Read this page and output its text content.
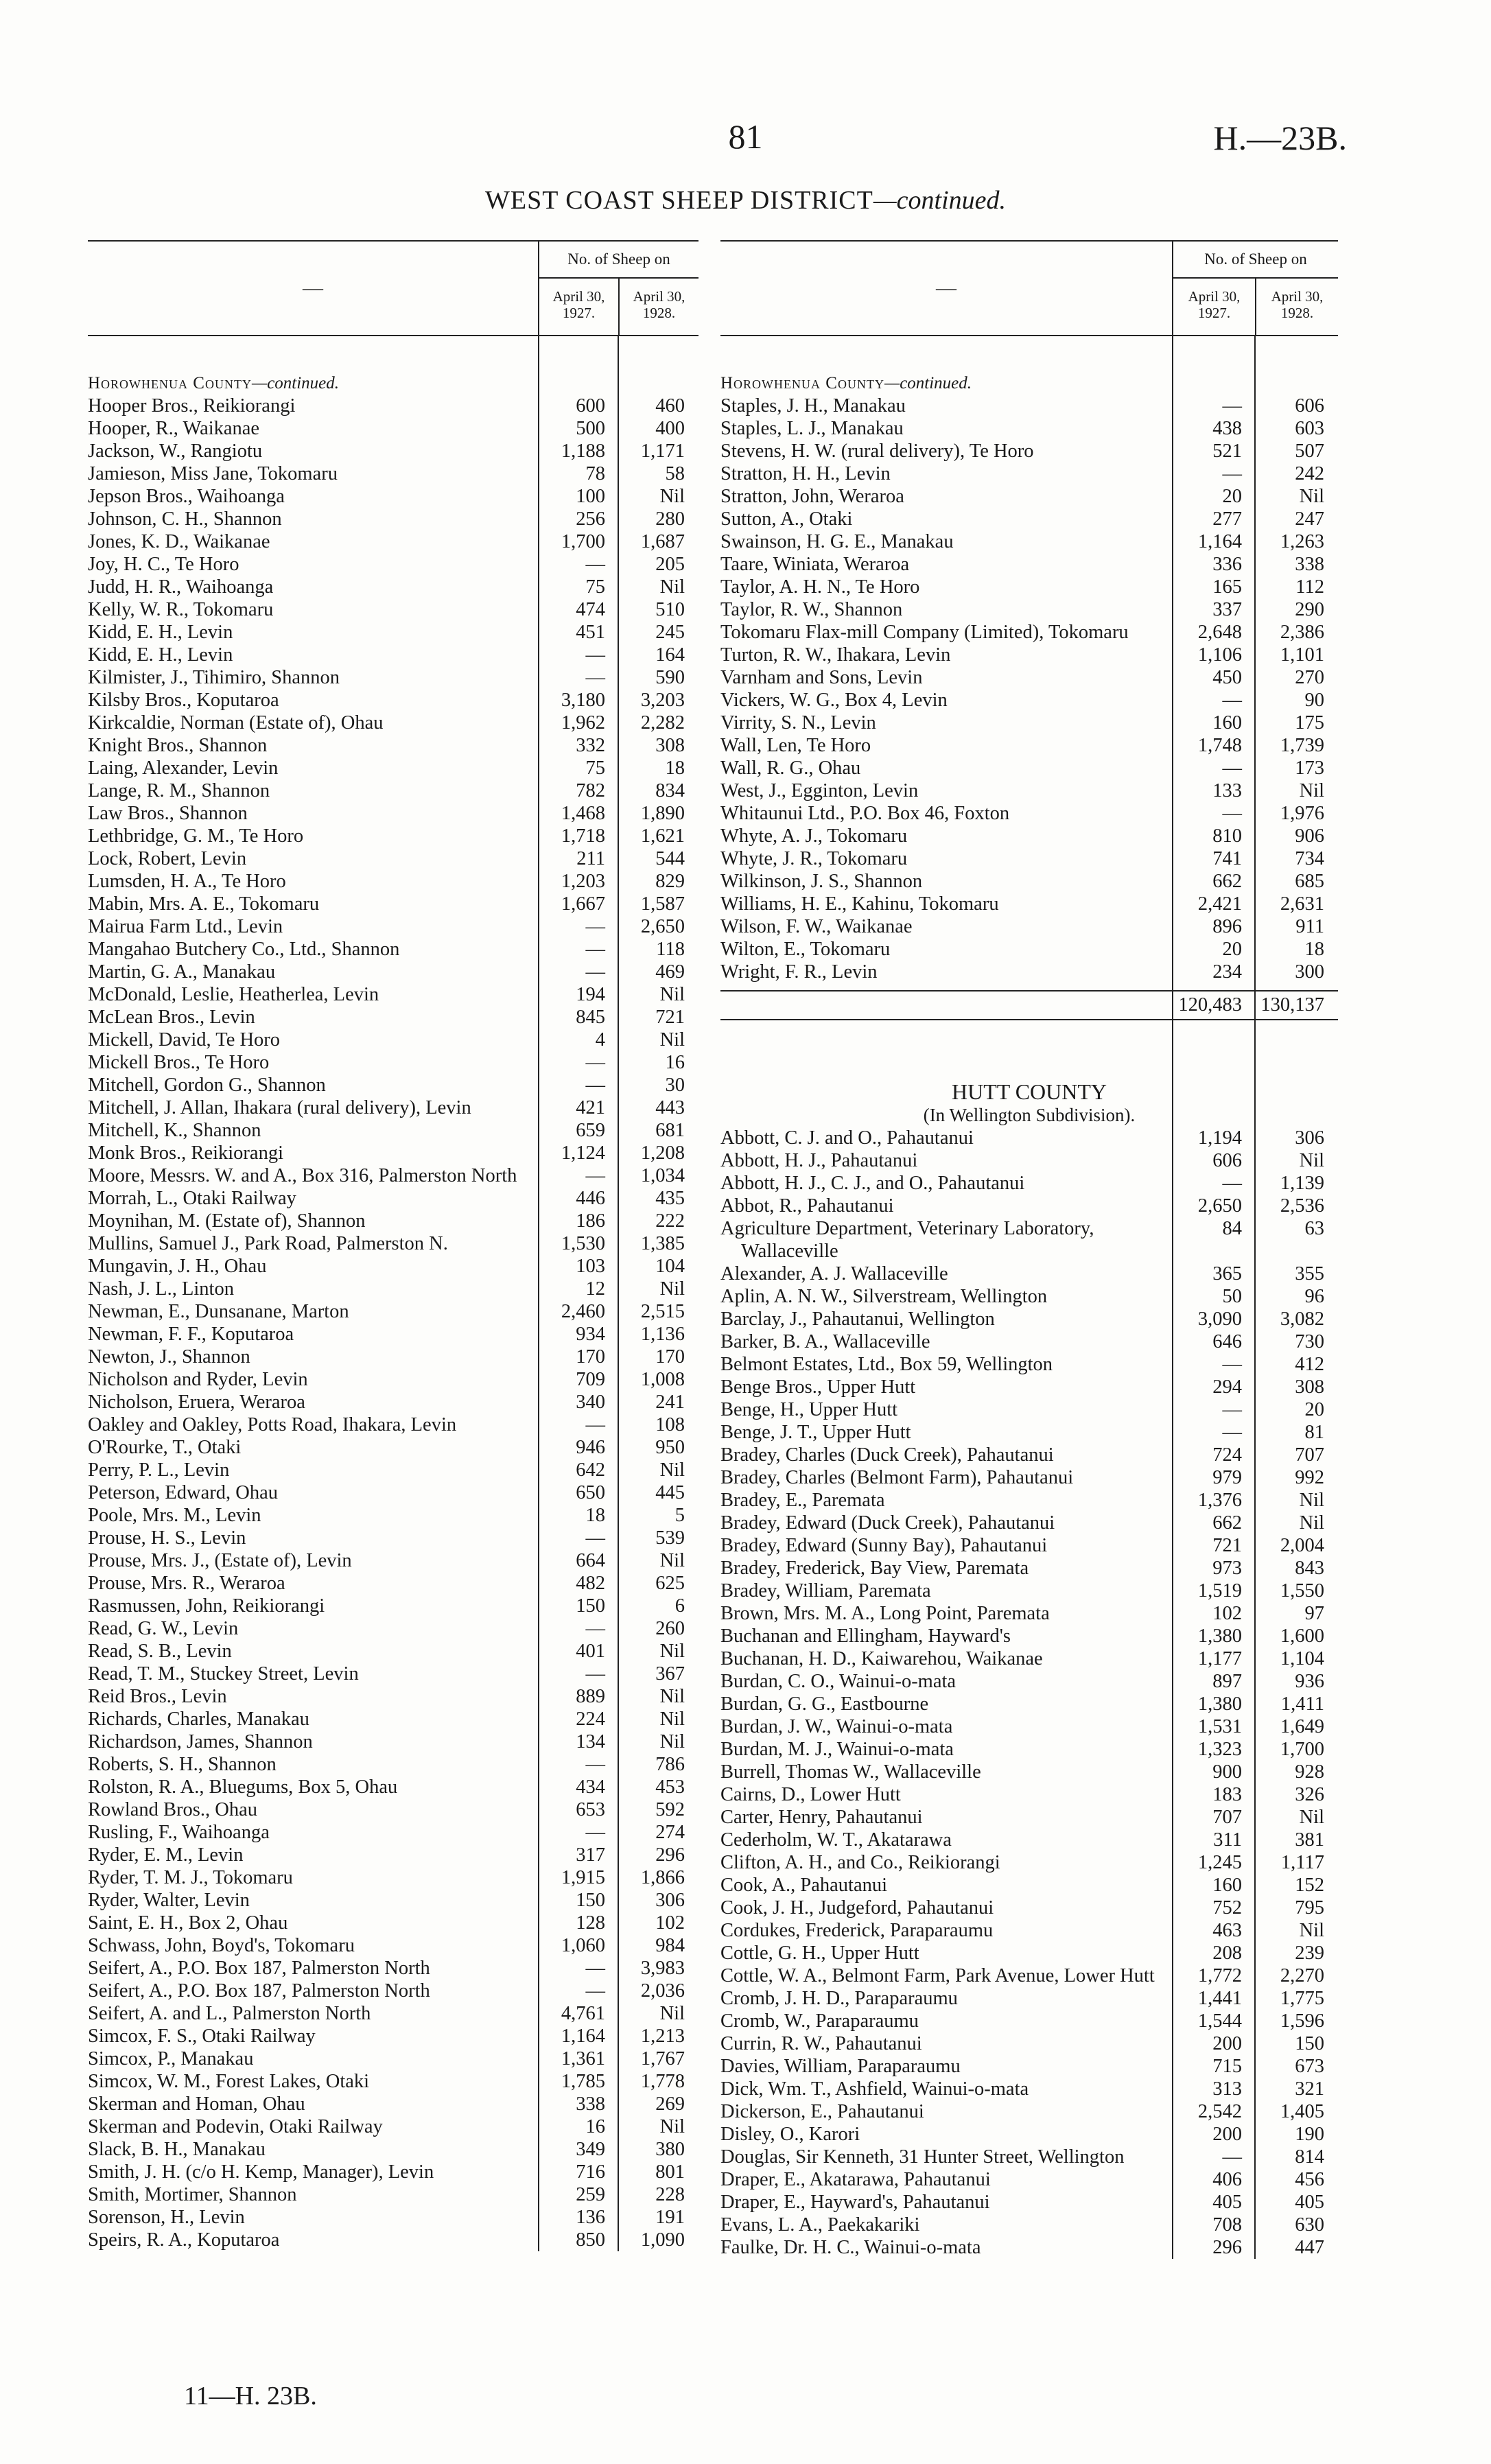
81	H.—23B.
WEST COAST SHEEP DISTRICT—continued.
—
No. of Sheep on
April 30,
1927.
April 30,
1928.
Horowhenua County—continued.
Hooper Bros., Reikiorangi	600	460
Hooper, R., Waikanae	500	400
Jackson, W., Rangiotu	1,188	1,171
Jamieson, Miss Jane, Tokomaru	78	58
Jepson Bros., Waihoanga	100	Nil
Johnson, C. H., Shannon	256	280
Jones, K. D., Waikanae	1,700	1,687
Joy, H. C., Te Horo	—	205
Judd, H. R., Waihoanga	75	Nil
Kelly, W. R., Tokomaru	474	510
Kidd, E. H., Levin	451	245
Kidd, E. H., Levin	—	164
Kilmister, J., Tihimiro, Shannon	—	590
Kilsby Bros., Koputaroa	3,180	3,203
Kirkcaldie, Norman (Estate of), Ohau	1,962	2,282
Knight Bros., Shannon	332	308
Laing, Alexander, Levin	75	18
Lange, R. M., Shannon	782	834
Law Bros., Shannon	1,468	1,890
Lethbridge, G. M., Te Horo	1,718	1,621
Lock, Robert, Levin	211	544
Lumsden, H. A., Te Horo	1,203	829
Mabin, Mrs. A. E., Tokomaru	1,667	1,587
Mairua Farm Ltd., Levin	—	2,650
Mangahao Butchery Co., Ltd., Shannon	—	118
Martin, G. A., Manakau	—	469
McDonald, Leslie, Heatherlea, Levin	194	Nil
McLean Bros., Levin	845	721
Mickell, David, Te Horo	4	Nil
Mickell Bros., Te Horo	—	16
Mitchell, Gordon G., Shannon	—	30
Mitchell, J. Allan, Ihakara (rural delivery), Levin	421	443
Mitchell, K., Shannon	659	681
Monk Bros., Reikiorangi	1,124	1,208
Moore, Messrs. W. and A., Box 316, Palmerston North	—	1,034
Morrah, L., Otaki Railway	446	435
Moynihan, M. (Estate of), Shannon	186	222
Mullins, Samuel J., Park Road, Palmerston N.	1,530	1,385
Mungavin, J. H., Ohau	103	104
Nash, J. L., Linton	12	Nil
Newman, E., Dunsanane, Marton	2,460	2,515
Newman, F. F., Koputaroa	934	1,136
Newton, J., Shannon	170	170
Nicholson and Ryder, Levin	709	1,008
Nicholson, Eruera, Weraroa	340	241
Oakley and Oakley, Potts Road, Ihakara, Levin	—	108
O'Rourke, T., Otaki	946	950
Perry, P. L., Levin	642	Nil
Peterson, Edward, Ohau	650	445
Poole, Mrs. M., Levin	18	5
Prouse, H. S., Levin	—	539
Prouse, Mrs. J., (Estate of), Levin	664	Nil
Prouse, Mrs. R., Weraroa	482	625
Rasmussen, John, Reikiorangi	150	6
Read, G. W., Levin	—	260
Read, S. B., Levin	401	Nil
Read, T. M., Stuckey Street, Levin	—	367
Reid Bros., Levin	889	Nil
Richards, Charles, Manakau	224	Nil
Richardson, James, Shannon	134	Nil
Roberts, S. H., Shannon	—	786
Rolston, R. A., Bluegums, Box 5, Ohau	434	453
Rowland Bros., Ohau	653	592
Rusling, F., Waihoanga	—	274
Ryder, E. M., Levin	317	296
Ryder, T. M. J., Tokomaru	1,915	1,866
Ryder, Walter, Levin	150	306
Saint, E. H., Box 2, Ohau	128	102
Schwass, John, Boyd's, Tokomaru	1,060	984
Seifert, A., P.O. Box 187, Palmerston North	—	3,983
Seifert, A., P.O. Box 187, Palmerston North	—	2,036
Seifert, A. and L., Palmerston North	4,761	Nil
Simcox, F. S., Otaki Railway	1,164	1,213
Simcox, P., Manakau	1,361	1,767
Simcox, W. M., Forest Lakes, Otaki	1,785	1,778
Skerman and Homan, Ohau	338	269
Skerman and Podevin, Otaki Railway	16	Nil
Slack, B. H., Manakau	349	380
Smith, J. H. (c/o H. Kemp, Manager), Levin	716	801
Smith, Mortimer, Shannon	259	228
Sorenson, H., Levin	136	191
Speirs, R. A., Koputaroa	850	1,090
—
No. of Sheep on
April 30,
1927.
April 30,
1928.
Horowhenua County—continued.
Staples, J. H., Manakau	—	606
Staples, L. J., Manakau	438	603
Stevens, H. W. (rural delivery), Te Horo	521	507
Stratton, H. H., Levin	—	242
Stratton, John, Weraroa	20	Nil
Sutton, A., Otaki	277	247
Swainson, H. G. E., Manakau	1,164	1,263
Taare, Winiata, Weraroa	336	338
Taylor, A. H. N., Te Horo	165	112
Taylor, R. W., Shannon	337	290
Tokomaru Flax-mill Company (Limited), Tokomaru	2,648	2,386
Turton, R. W., Ihakara, Levin	1,106	1,101
Varnham and Sons, Levin	450	270
Vickers, W. G., Box 4, Levin	—	90
Virrity, S. N., Levin	160	175
Wall, Len, Te Horo	1,748	1,739
Wall, R. G., Ohau	—	173
West, J., Egginton, Levin	133	Nil
Whitaunui Ltd., P.O. Box 46, Foxton	—	1,976
Whyte, A. J., Tokomaru	810	906
Whyte, J. R., Tokomaru	741	734
Wilkinson, J. S., Shannon	662	685
Williams, H. E., Kahinu, Tokomaru	2,421	2,631
Wilson, F. W., Waikanae	896	911
Wilton, E., Tokomaru	20	18
Wright, F. R., Levin	234	300
120,483 130,137
HUTT COUNTY
(In Wellington Subdivision).
Abbott, C. J. and O., Pahautanui	1,194	306
Abbott, H. J., Pahautanui	606	Nil
Abbott, H. J., C. J., and O., Pahautanui	—	1,139
Abbot, R., Pahautanui	2,650	2,536
Agriculture Department, Veterinary Laboratory, Wallaceville
84	63
Alexander, A. J. Wallaceville	365	355
Aplin, A. N. W., Silverstream, Wellington	50	96
Barclay, J., Pahautanui, Wellington	3,090	3,082
Barker, B. A., Wallaceville	646	730
Belmont Estates, Ltd., Box 59, Wellington	—	412
Benge Bros., Upper Hutt	294	308
Benge, H., Upper Hutt	—	20
Benge, J. T., Upper Hutt	—	81
Bradey, Charles (Duck Creek), Pahautanui	724	707
Bradey, Charles (Belmont Farm), Pahautanui	979	992
Bradey, E., Paremata	1,376	Nil
Bradey, Edward (Duck Creek), Pahautanui	662	Nil
Bradey, Edward (Sunny Bay), Pahautanui	721	2,004
Bradey, Frederick, Bay View, Paremata	973	843
Bradey, William, Paremata	1,519	1,550
Brown, Mrs. M. A., Long Point, Paremata	102	97
Buchanan and Ellingham, Hayward's	1,380	1,600
Buchanan, H. D., Kaiwarehou, Waikanae	1,177	1,104
Burdan, C. O., Wainui-o-mata	897	936
Burdan, G. G., Eastbourne	1,380	1,411
Burdan, J. W., Wainui-o-mata	1,531	1,649
Burdan, M. J., Wainui-o-mata	1,323	1,700
Burrell, Thomas W., Wallaceville	900	928
Cairns, D., Lower Hutt	183	326
Carter, Henry, Pahautanui	707	Nil
Cederholm, W. T., Akatarawa	311	381
Clifton, A. H., and Co., Reikiorangi	1,245	1,117
Cook, A., Pahautanui	160	152
Cook, J. H., Judgeford, Pahautanui	752	795
Cordukes, Frederick, Paraparaumu	463	Nil
Cottle, G. H., Upper Hutt	208	239
Cottle, W. A., Belmont Farm, Park Avenue, Lower Hutt	1,772	2,270
Cromb, J. H. D., Paraparaumu	1,441	1,775
Cromb, W., Paraparaumu	1,544	1,596
Currin, R. W., Pahautanui	200	150
Davies, William, Paraparaumu	715	673
Dick, Wm. T., Ashfield, Wainui-o-mata	313	321
Dickerson, E., Pahautanui	2,542	1,405
Disley, O., Karori	200	190
Douglas, Sir Kenneth, 31 Hunter Street, Wellington	—	814
Draper, E., Akatarawa, Pahautanui	406	456
Draper, E., Hayward's, Pahautanui	405	405
Evans, L. A., Paekakariki	708	630
Faulke, Dr. H. C., Wainui-o-mata	296	447
11—H. 23B.
